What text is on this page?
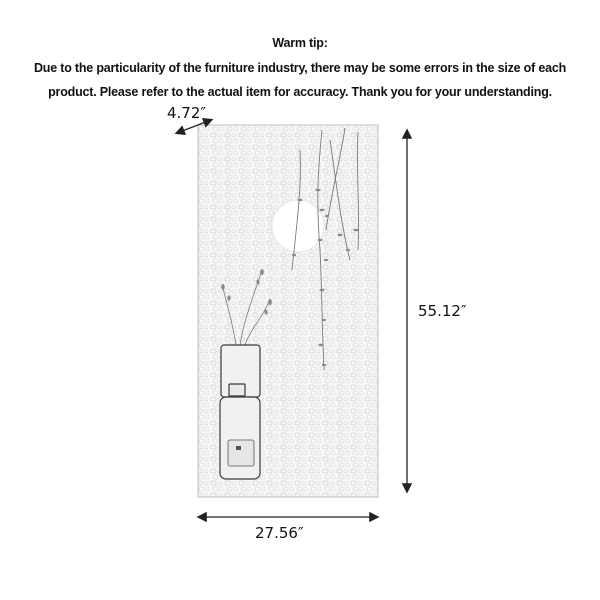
Warm tip:
Due to the particularity of the furniture industry, there may be some errors in the size of each
product. Please refer to the actual item for accuracy. Thank you for your understanding.
4.72″
55.12″
27.56″
